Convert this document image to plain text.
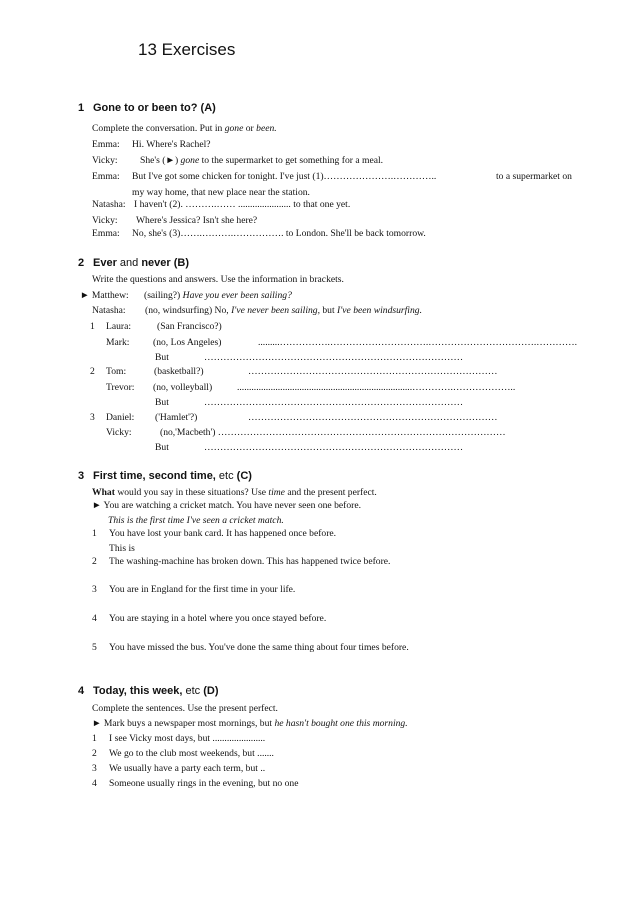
13 Exercises
1 Gone to or been to? (A)
Complete the conversation. Put in gone or been.
Emma: Hi. Where's Rachel?
Vicky: She's (►) gone to the supermarket to get something for a meal.
Emma: But I've got some chicken for tonight. I've just (1)………………….…………..	to a supermarket on
my way home, that new place near the station.
Natasha: I haven't (2). ……….…… ...................... to that one yet.
Vicky: Where's Jessica? Isn't she here?
Emma: No, she's (3)…….……….……………. to London. She'll be back tomorrow.
2 Ever and never (B)
Write the questions and answers. Use the information in brackets.
► Matthew: (sailing?) Have you ever been sailing?
Natasha: (no, windsurfing) No, I've never been sailing, but I've been windsurfing.
1 Laura:	(San Francisco?)
Mark: (no, Los Angeles)	.........…………….………………………….…………………………….………….
But	………………………………………………………………………
2 Tom:	(basketball?)	……………………………………………………………………
Trevor: (no, volleyball)	.........................................................................………….………………..
But	………………………………………………………………………
3 Daniel: ('Hamlet'?)	……………………………………………………………………
Vicky:	(no,'Macbeth') ………………………………………………………………………………
But	………………………………………………………………………
3 First time, second time, etc (C)
What would you say in these situations? Use time and the present perfect.
► You are watching a cricket match. You have never seen one before.
This is the first time I've seen a cricket match.
1 You have lost your bank card. It has happened once before.
This is
2 The washing-machine has broken down. This has happened twice before.
3 You are in England for the first time in your life.
4 You are staying in a hotel where you once stayed before.
5 You have missed the bus. You've done the same thing about four times before.
4 Today, this week, etc (D)
Complete the sentences. Use the present perfect.
► Mark buys a newspaper most mornings, but he hasn't bought one this morning.
1 I see Vicky most days, but ......................
2 We go to the club most weekends, but .......
3 We usually have a party each term, but ..
4 Someone usually rings in the evening, but no one
